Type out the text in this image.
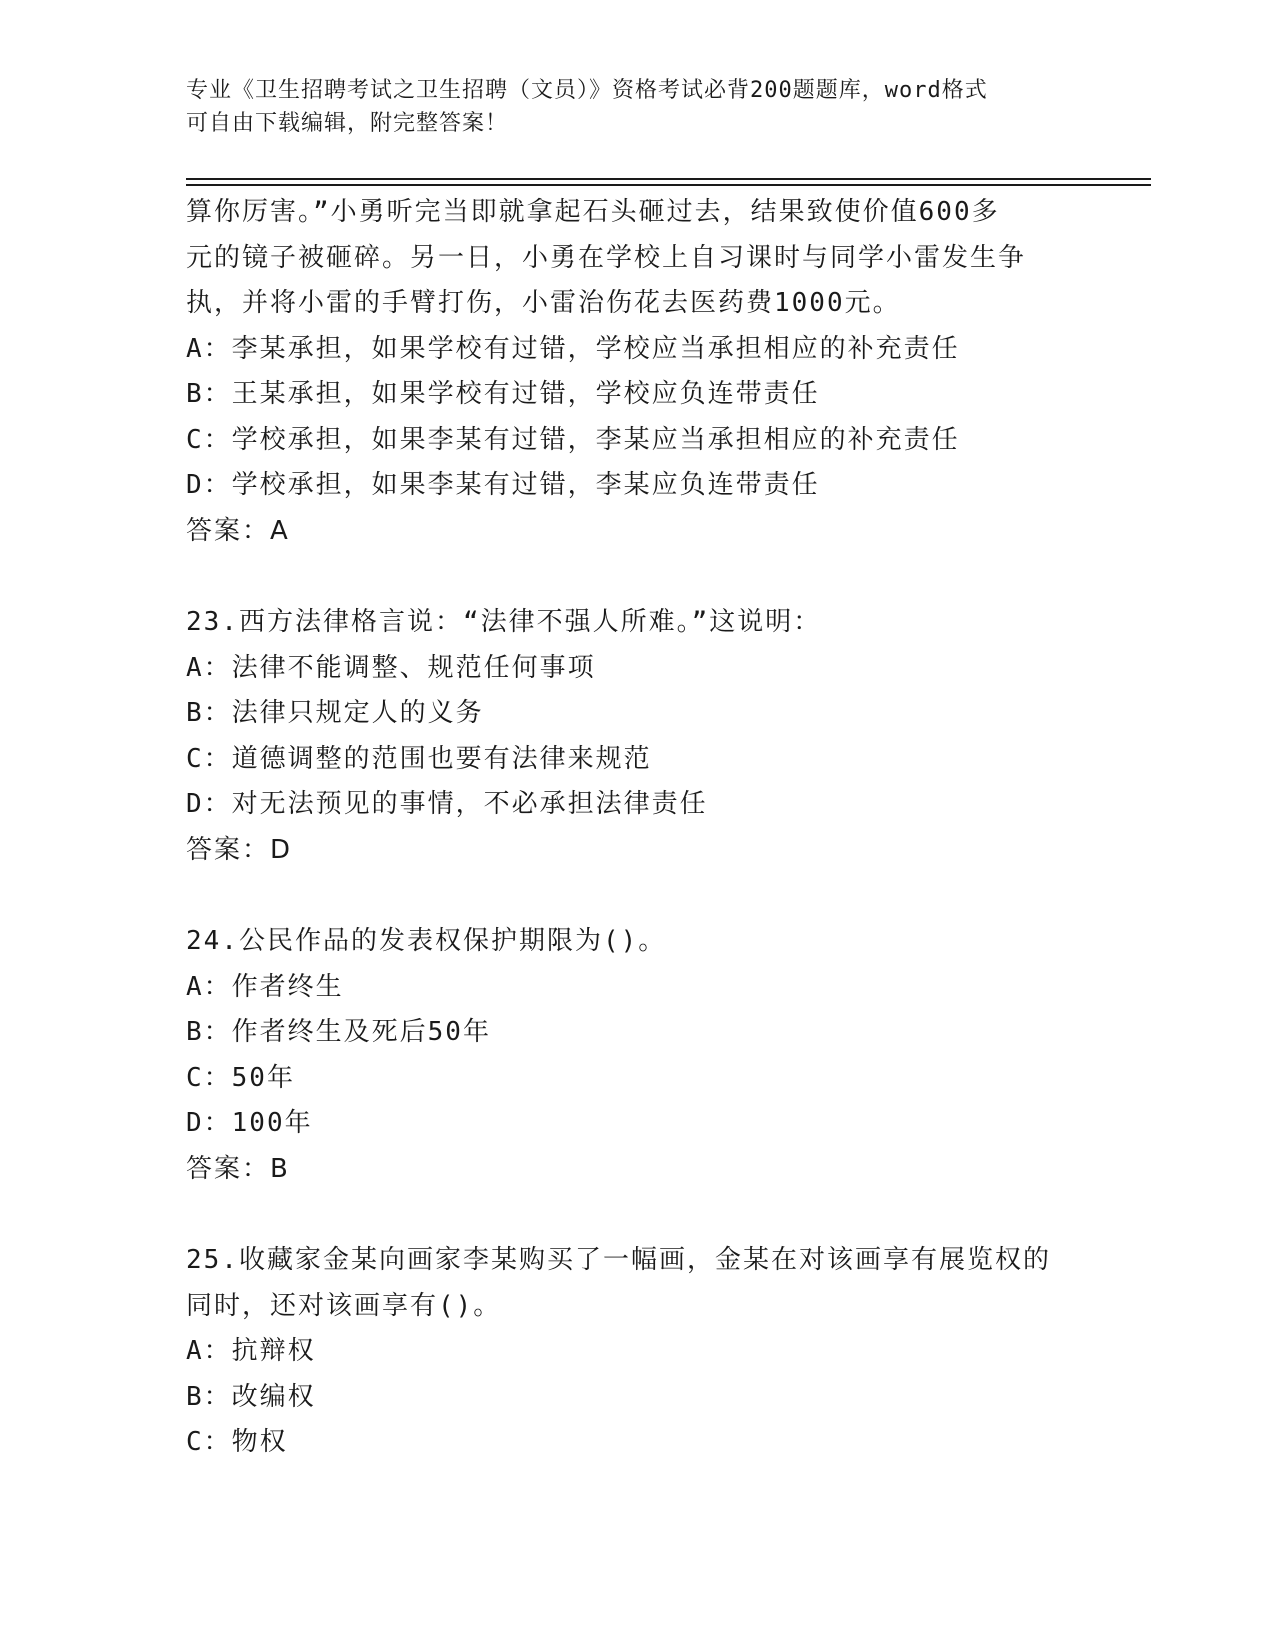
专业《卫生招聘考试之卫生招聘（文员）》资格考试必背200题题库，word格式
可自由下载编辑，附完整答案！
算你厉害。”小勇听完当即就拿起石头砸过去，结果致使价值600多
元的镜子被砸碎。另一日，小勇在学校上自习课时与同学小雷发生争
执，并将小雷的手臂打伤，小雷治伤花去医药费1000元。
A：李某承担，如果学校有过错，学校应当承担相应的补充责任
B：王某承担，如果学校有过错，学校应负连带责任
C：学校承担，如果李某有过错，李某应当承担相应的补充责任
D：学校承担，如果李某有过错，李某应负连带责任
答案：A
23.西方法律格言说：“法律不强人所难。”这说明：
A：法律不能调整、规范任何事项
B：法律只规定人的义务
C：道德调整的范围也要有法律来规范
D：对无法预见的事情，不必承担法律责任
答案：D
24.公民作品的发表权保护期限为()。
A：作者终生
B：作者终生及死后50年
C：50年
D：100年
答案：B
25.收藏家金某向画家李某购买了一幅画，金某在对该画享有展览权的
同时，还对该画享有()。
A：抗辩权
B：改编权
C：物权
